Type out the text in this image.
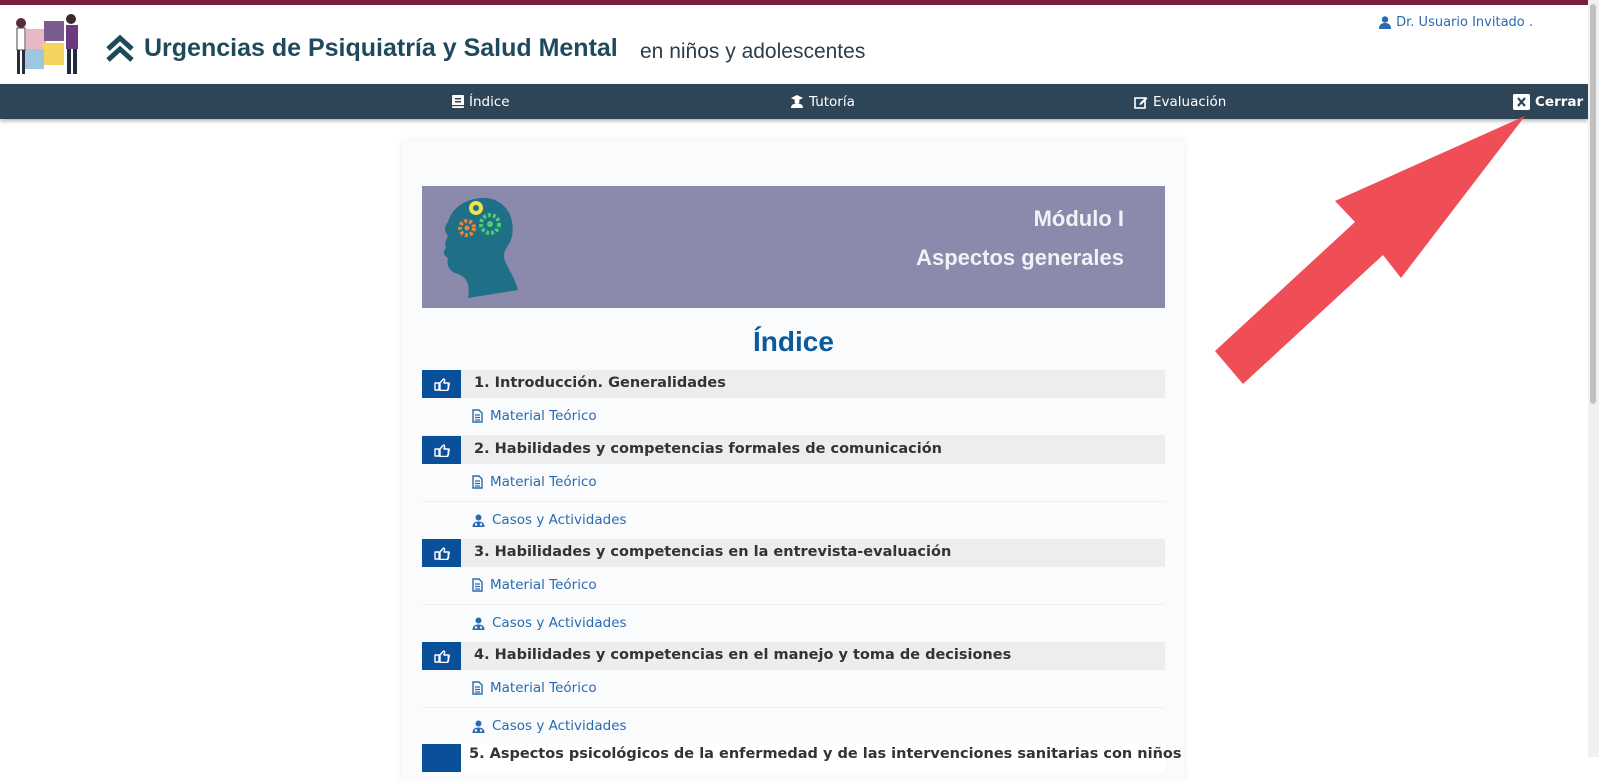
Urgencias de Psiquiatría y Salud Mental en niños y adolescentes
Dr. Usuario Invitado .
Índice	Tutoría	Evaluación	Cerrar
Módulo I
Aspectos generales
Índice
1. Introducción. Generalidades
Material Teórico
2. Habilidades y competencias formales de comunicación
Material Teórico
Casos y Actividades
3. Habilidades y competencias en la entrevista-evaluación
Material Teórico
Casos y Actividades
4. Habilidades y competencias en el manejo y toma de decisiones
Material Teórico
Casos y Actividades
5. Aspectos psicológicos de la enfermedad y de las intervenciones sanitarias con niños
